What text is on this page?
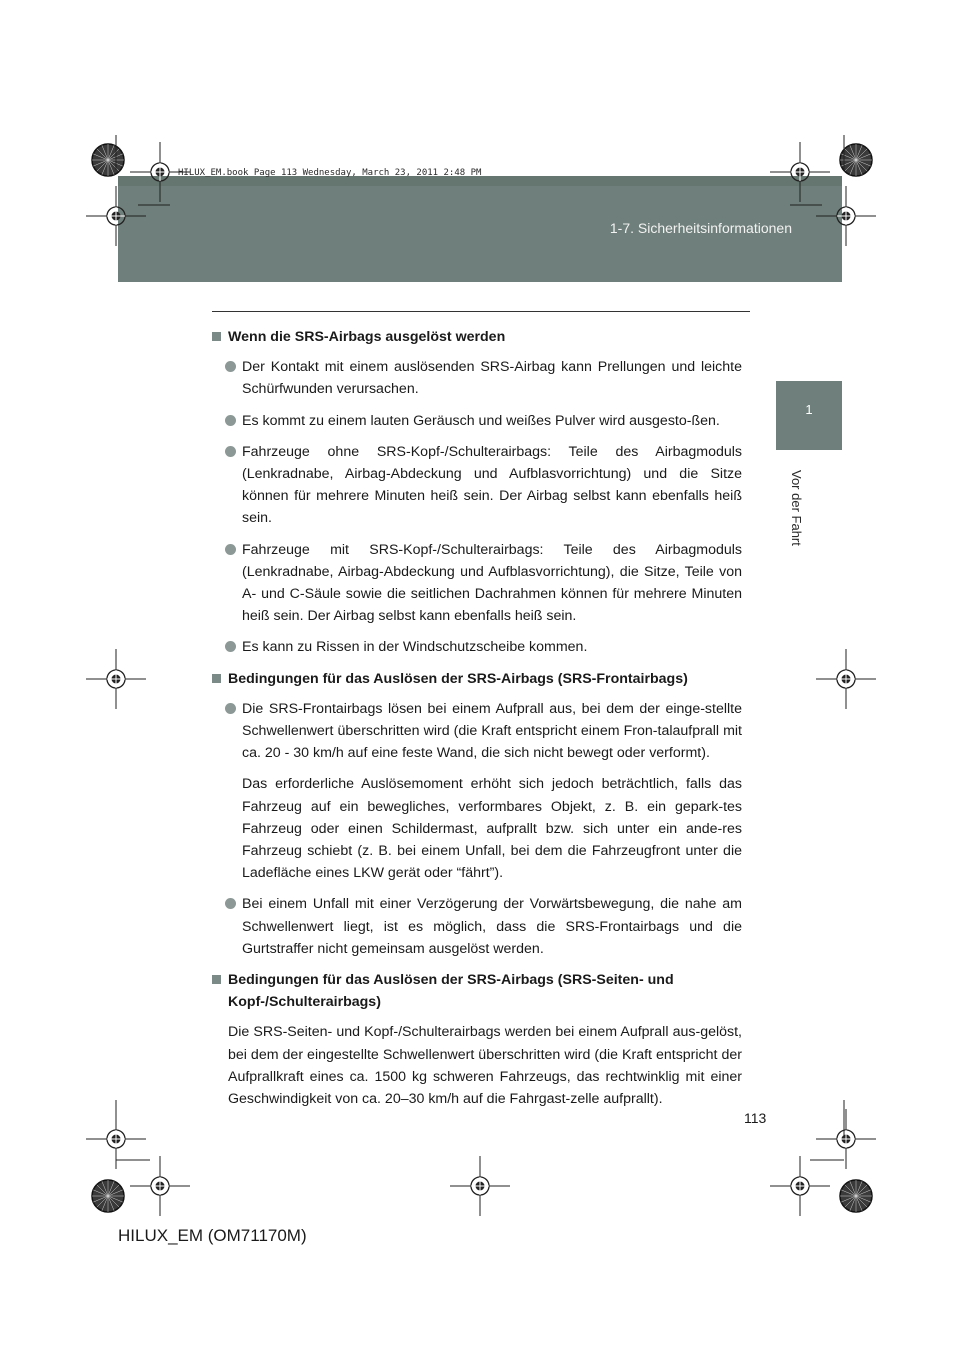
HILUX_EM.book Page 113 Wednesday, March 23, 2011 2:48 PM
1-7. Sicherheitsinformationen
1
Vor der Fahrt
Wenn die SRS-Airbags ausgelöst werden
Der Kontakt mit einem auslösenden SRS-Airbag kann Prellungen und leichte Schürfwunden verursachen.
Es kommt zu einem lauten Geräusch und weißes Pulver wird ausgesto-ßen.
Fahrzeuge ohne SRS-Kopf-/Schulterairbags: Teile des Airbagmoduls (Lenkradnabe, Airbag-Abdeckung und Aufblasvorrichtung) und die Sitze können für mehrere Minuten heiß sein. Der Airbag selbst kann ebenfalls heiß sein.
Fahrzeuge mit SRS-Kopf-/Schulterairbags: Teile des Airbagmoduls (Lenkradnabe, Airbag-Abdeckung und Aufblasvorrichtung), die Sitze, Teile von A- und C-Säule sowie die seitlichen Dachrahmen können für mehrere Minuten heiß sein. Der Airbag selbst kann ebenfalls heiß sein.
Es kann zu Rissen in der Windschutzscheibe kommen.
Bedingungen für das Auslösen der SRS-Airbags (SRS-Frontairbags)
Die SRS-Frontairbags lösen bei einem Aufprall aus, bei dem der einge-stellte Schwellenwert überschritten wird (die Kraft entspricht einem Fron-talaufprall mit ca. 20 - 30 km/h auf eine feste Wand, die sich nicht bewegt oder verformt).
Das erforderliche Auslösemoment erhöht sich jedoch beträchtlich, falls das Fahrzeug auf ein bewegliches, verformbares Objekt, z. B. ein gepark-tes Fahrzeug oder einen Schildermast, aufprallt bzw. sich unter ein ande-res Fahrzeug schiebt (z. B. bei einem Unfall, bei dem die Fahrzeugfront unter die Ladefläche eines LKW gerät oder “fährt”).
Bei einem Unfall mit einer Verzögerung der Vorwärtsbewegung, die nahe am Schwellenwert liegt, ist es möglich, dass die SRS-Frontairbags und die Gurtstraffer nicht gemeinsam ausgelöst werden.
Bedingungen für das Auslösen der SRS-Airbags (SRS-Seiten- und Kopf-/Schulterairbags)
Die SRS-Seiten- und Kopf-/Schulterairbags werden bei einem Aufprall aus-gelöst, bei dem der eingestellte Schwellenwert überschritten wird (die Kraft entspricht der Aufprallkraft eines ca. 1500 kg schweren Fahrzeugs, das rechtwinklig mit einer Geschwindigkeit von ca. 20–30 km/h auf die Fahrgast-zelle aufprallt).
113
HILUX_EM (OM71170M)
